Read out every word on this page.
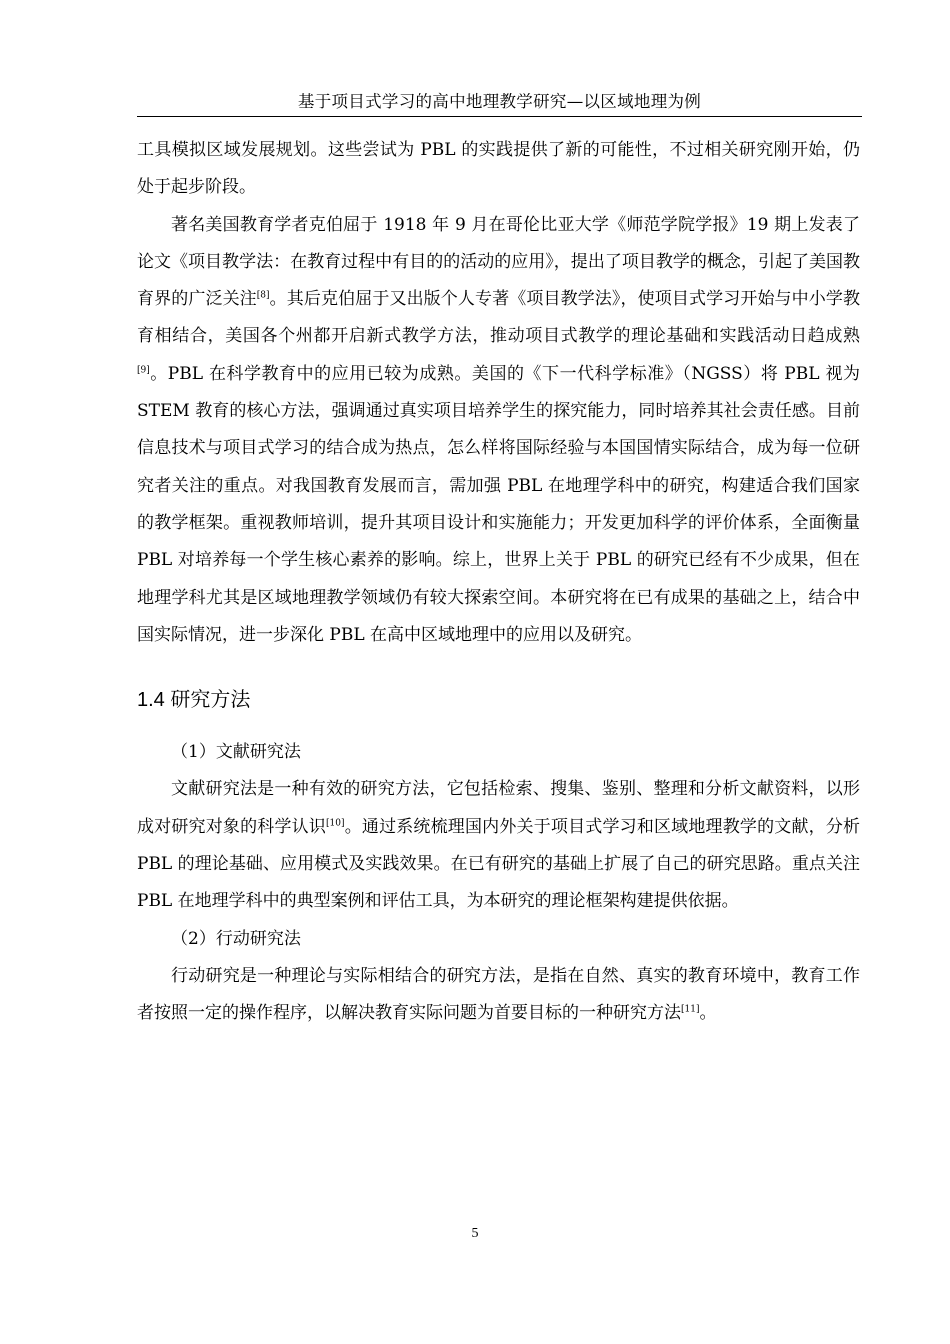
基于项目式学习的高中地理教学研究—以区域地理为例

工具模拟区域发展规划。这些尝试为 PBL 的实践提供了新的可能性，不过相关研究刚开始，仍处于起步阶段。

著名美国教育学者克伯屈于 1918 年 9 月在哥伦比亚大学《师范学院学报》19 期上发表了论文《项目教学法：在教育过程中有目的的活动的应用》，提出了项目教学的概念，引起了美国教育界的广泛关注[8]。其后克伯屈于又出版个人专著《项目教学法》，使项目式学习开始与中小学教育相结合，美国各个州都开启新式教学方法，推动项目式教学的理论基础和实践活动日趋成熟[9]。PBL 在科学教育中的应用已较为成熟。美国的《下一代科学标准》（NGSS）将 PBL 视为 STEM 教育的核心方法，强调通过真实项目培养学生的探究能力，同时培养其社会责任感。目前信息技术与项目式学习的结合成为热点，怎么样将国际经验与本国国情实际结合，成为每一位研究者关注的重点。对我国教育发展而言，需加强 PBL 在地理学科中的研究，构建适合我们国家的教学框架。重视教师培训，提升其项目设计和实施能力；开发更加科学的评价体系，全面衡量 PBL 对培养每一个学生核心素养的影响。综上，世界上关于 PBL 的研究已经有不少成果，但在地理学科尤其是区域地理教学领域仍有较大探索空间。本研究将在已有成果的基础之上，结合中国实际情况，进一步深化 PBL 在高中区域地理中的应用以及研究。

1.4 研究方法

（1）文献研究法

文献研究法是一种有效的研究方法，它包括检索、搜集、鉴别、整理和分析文献资料，以形成对研究对象的科学认识[10]。通过系统梳理国内外关于项目式学习和区域地理教学的文献，分析 PBL 的理论基础、应用模式及实践效果。在已有研究的基础上扩展了自己的研究思路。重点关注 PBL 在地理学科中的典型案例和评估工具，为本研究的理论框架构建提供依据。

（2）行动研究法

行动研究是一种理论与实际相结合的研究方法，是指在自然、真实的教育环境中，教育工作者按照一定的操作程序，以解决教育实际问题为首要目标的一种研究方法[11]。

5
